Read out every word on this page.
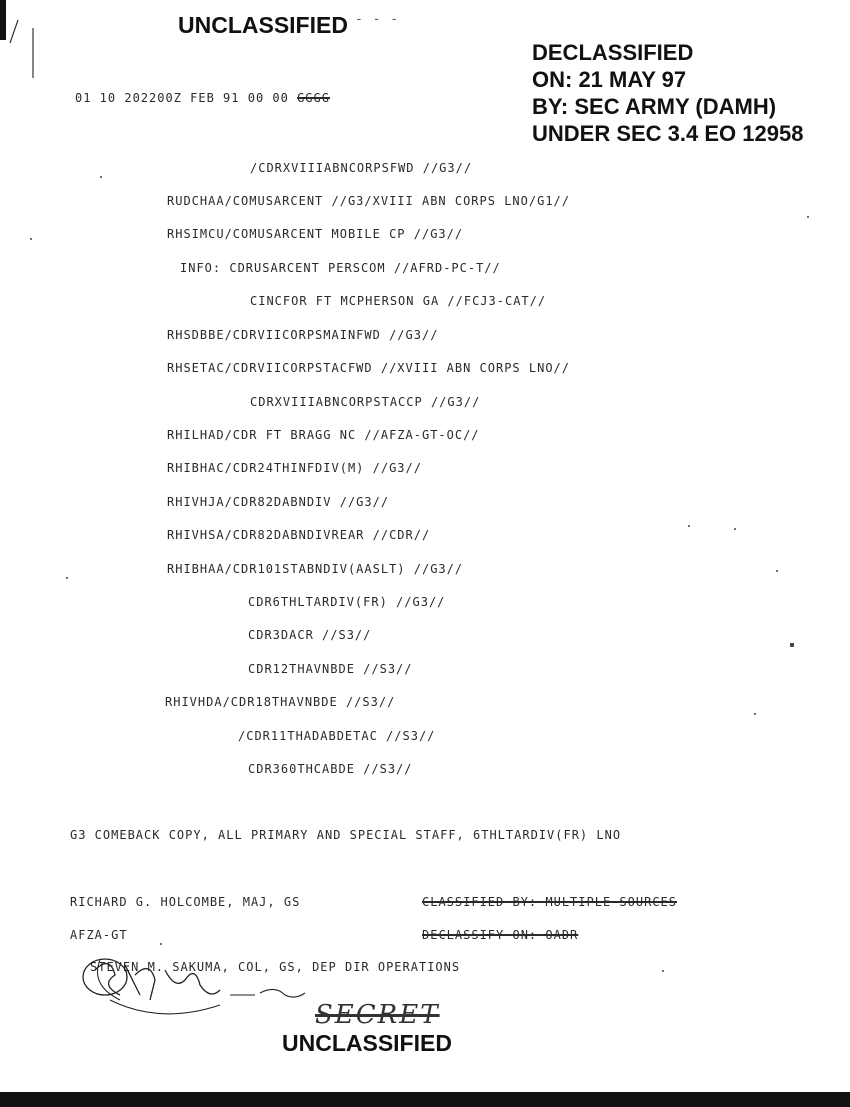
UNCLASSIFIED - - -
DECLASSIFIED
ON: 21 MAY 97
BY: SEC ARMY (DAMH)
UNDER SEC 3.4 EO 12958
01 10 202200Z FEB 91 00 00 GGGG
/CDRXVIIIABNCORPSFWD //G3//
RUDCHAA/COMUSARCENT //G3/XVIII ABN CORPS LNO/G1//
RHSIMCU/COMUSARCENT MOBILE CP //G3//
INFO: CDRUSARCENT PERSCOM //AFRD-PC-T//
CINCFOR FT MCPHERSON GA //FCJ3-CAT//
RHSDBBE/CDRVIICORPSMAINFWD //G3//
RHSETAC/CDRVIICORPSTACFWD //XVIII ABN CORPS LNO//
CDRXVIIIABNCORPSTACCP //G3//
RHILHAD/CDR FT BRAGG NC //AFZA-GT-OC//
RHIBHAC/CDR24THINFDIV(M) //G3//
RHIVHJA/CDR82DABNDIV //G3//
RHIVHSA/CDR82DABNDIVREAR //CDR//
RHIBHAA/CDR101STABNDIV(AASLT) //G3//
CDR6THLTARDIV(FR) //G3//
CDR3DACR //S3//
CDR12THAVNBDE //S3//
RHIVHDA/CDR18THAVNBDE //S3//
/CDR11THADABDETAC //S3//
CDR360THCABDE //S3//
G3 COMEBACK COPY, ALL PRIMARY AND SPECIAL STAFF, 6THLTARDIV(FR) LNO
RICHARD G. HOLCOMBE, MAJ, GS	CLASSIFIED BY: MULTIPLE SOURCES
AFZA-GT	DECLASSIFY ON: OADR
STEVEN M. SAKUMA, COL, GS, DEP DIR OPERATIONS
SECRET
UNCLASSIFIED
